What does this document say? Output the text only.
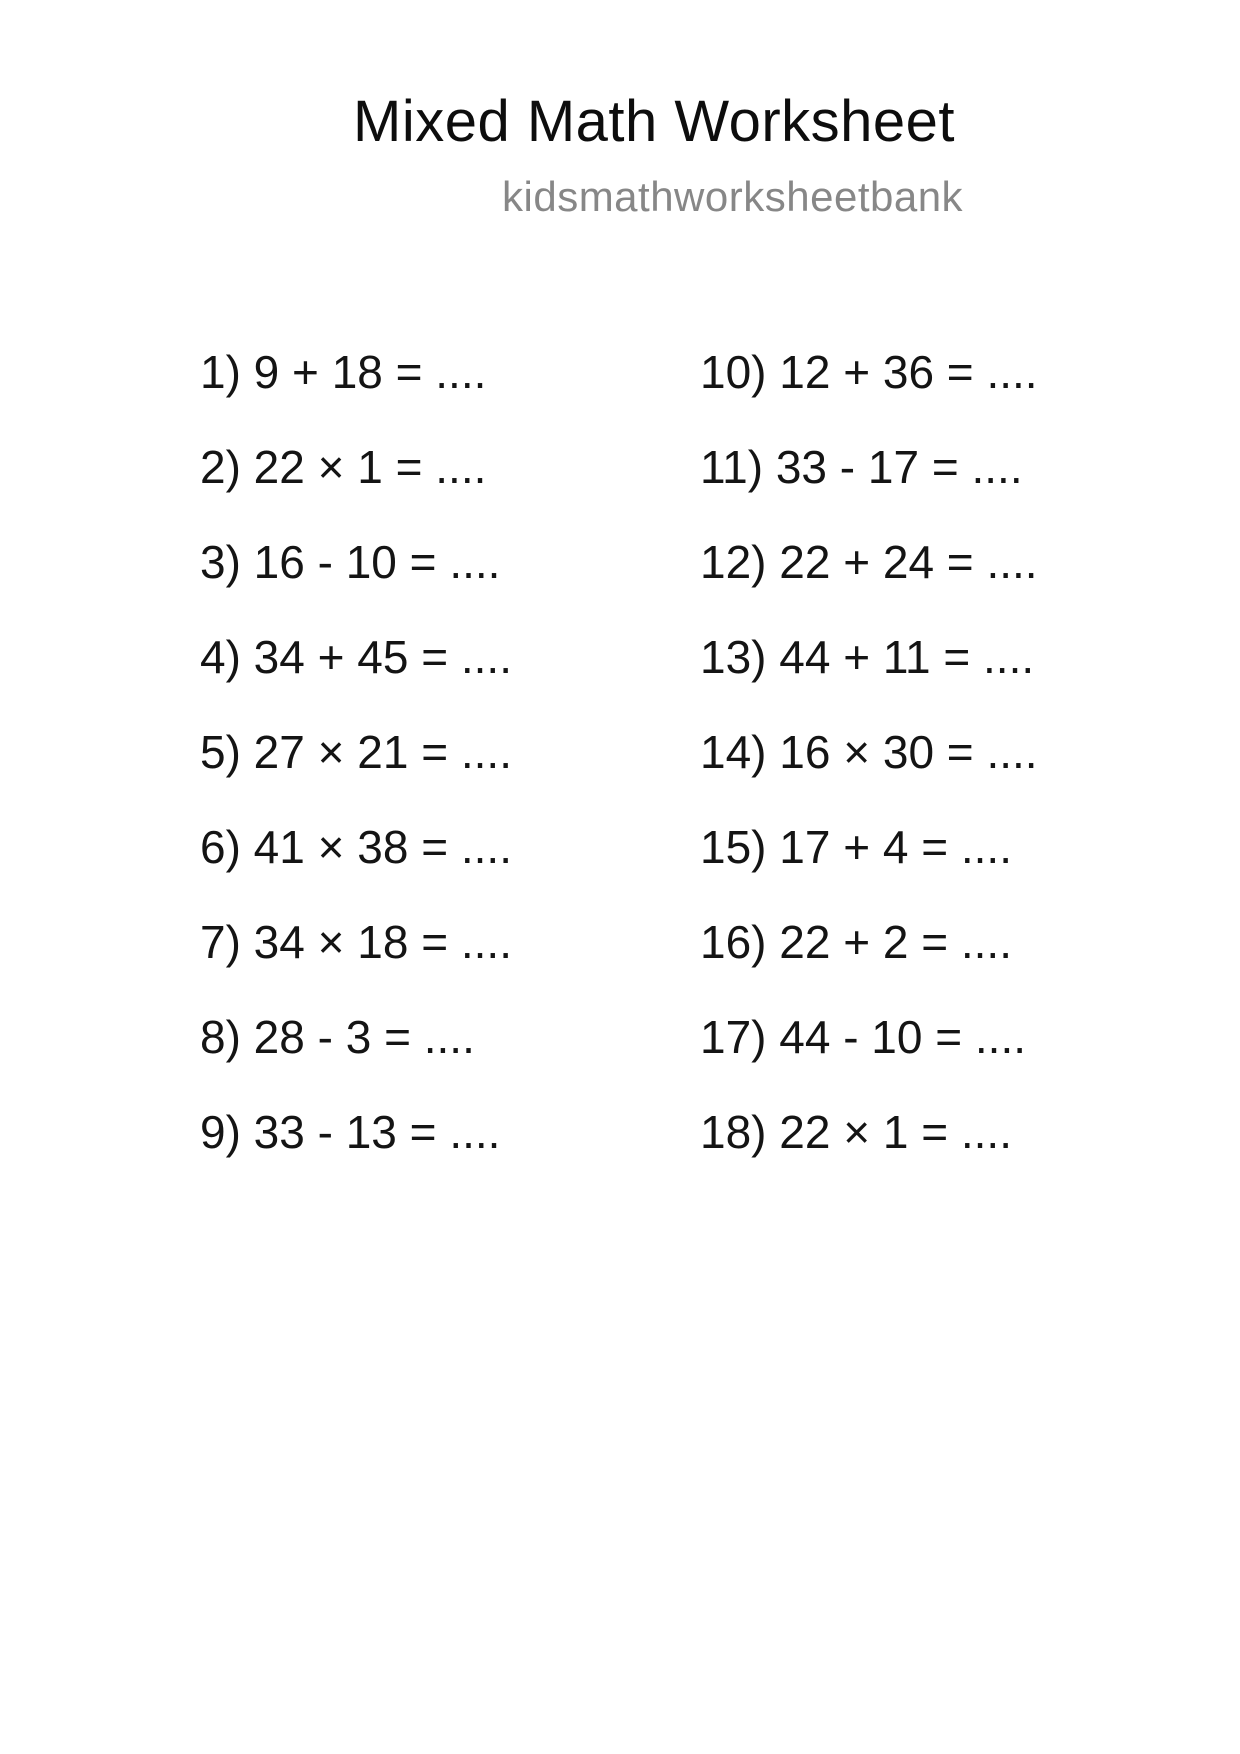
Mixed Math Worksheet
kidsmathworksheetbank
1) 9 + 18 = ....
2) 22 × 1 = ....
3) 16 - 10 = ....
4) 34 + 45 = ....
5) 27 × 21 = ....
6) 41 × 38 = ....
7) 34 × 18 = ....
8) 28 - 3 = ....
9) 33 - 13 = ....
10) 12 + 36 = ....
11) 33 - 17 = ....
12) 22 + 24 = ....
13) 44 + 11 = ....
14) 16 × 30 = ....
15) 17 + 4 = ....
16) 22 + 2 = ....
17) 44 - 10 = ....
18) 22 × 1 = ....
